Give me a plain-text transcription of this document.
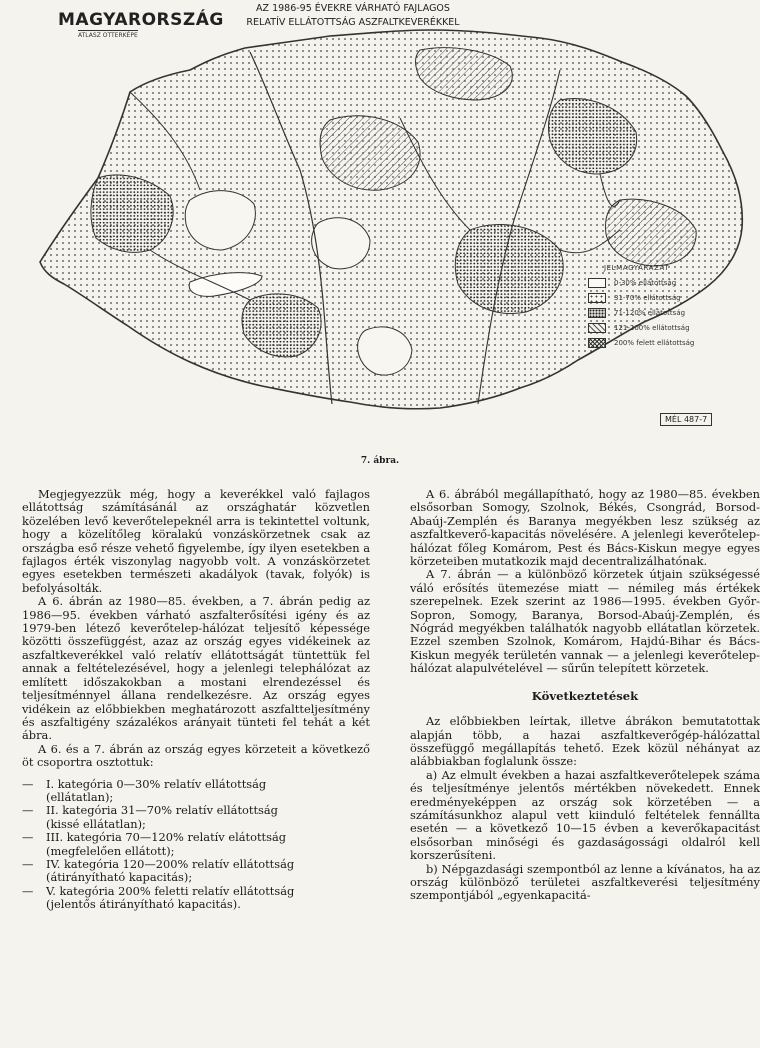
MAGYARORSZÁG
ATLASZ OTTERKÉPE
AZ 1986-95 ÉVEKRE VÁRHATÓ FAJLAGOS
RELATÍV ELLÁTOTTSÁG ASZFALTKEVERÉKKEL
JELMAGYARÁZAT
0-30% ellátottság
31-70% ellátottság
71-120% ellátottság
121-200% ellátottság
200% felett ellátottság
MÉL 487-7
7. ábra.

Megjegyezzük még, hogy a keverékkel való fajlagos ellátottság számításánál az országhatár közvetlen közelében levő keverőtelepeknél arra is tekintettel voltunk, hogy a közelítőleg köralakú vonzáskörzetnek csak az országba eső része vehető figyelembe, így ilyen esetekben a fajlagos érték viszonylag nagyobb volt. A vonzáskörzetet egyes esetekben természeti akadályok (tavak, folyók) is befolyásolták.

A 6. ábrán az 1980—85. években, a 7. ábrán pedig az 1986—95. években várható aszfalterősítési igény és az 1979-ben létező keverőtelep-hálózat teljesítő képessége közötti összefüggést, azaz az ország egyes vidékeinek az aszfaltkeverékkel való relatív ellátottságát tüntettük fel annak a feltételezésével, hogy a jelenlegi telephálózat az említett időszakokban a mostani elrendezéssel és teljesítménnyel állana rendelkezésre. Az ország egyes vidékein az előbbiekben meghatározott aszfaltteljesítmény és aszfaltigény százalékos arányait tünteti fel tehát a két ábra.

A 6. és a 7. ábrán az ország egyes körzeteit a következő öt csoportra osztottuk:

— I. kategória 0—30% relatív ellátottság
(ellátatlan);
— II. kategória 31—70% relatív ellátottság
(kissé ellátatlan);
— III. kategória 70—120% relatív elátottság
(megfelelően ellátott);
— IV. kategória 120—200% relatív ellátottság
(átirányítható kapacitás);
— V. kategória 200% feletti relatív ellátottság
(jelentős átirányítható kapacitás).

A 6. ábrából megállapítható, hogy az 1980—85. években elsősorban Somogy, Szolnok, Békés, Csongrád, Borsod-Abaúj-Zemplén és Baranya megyékben lesz szükség az aszfaltkeverő-kapacitás növelésére. A jelenlegi keverőtelep-hálózat főleg Komárom, Pest és Bács-Kiskun megye egyes körzeteiben mutatkozik majd decentralizálhatónak.

A 7. ábrán — a különböző körzetek útjain szükségessé váló erősítés ütemezése miatt — némileg más értékek szerepelnek. Ezek szerint az 1986—1995. években Győr-Sopron, Somogy, Baranya, Borsod-Abaúj-Zemplén, és Nógrád megyékben találhatók nagyobb ellátatlan körzetek. Ezzel szemben Szolnok, Komárom, Hajdú-Bihar és Bács-Kiskun megyék területén vannak — a jelenlegi keverőtelep-hálózat alapulvételével — sűrűn telepített körzetek.

Következtetések

Az előbbiekben leírtak, illetve ábrákon bemutatottak alapján több, a hazai aszfaltkeverőgép-hálózattal összefüggő megállapítás tehető. Ezek közül néhányat az alábbiakban foglalunk össze:

a) Az elmult években a hazai aszfaltkeverőtelepek száma és teljesítménye jelentős mértékben növekedett. Ennek eredményeképpen az ország sok körzetében — a számításunkhoz alapul vett kiinduló feltételek fennállta esetén — a következő 10—15 évben a keverőkapacitást elsősorban minőségi és gazdaságossági oldalról kell korszerűsíteni.

b) Népgazdasági szempontból az lenne a kívánatos, ha az ország különböző területei aszfaltkeverési teljesítmény szempontjából „egyenkapacitá-
